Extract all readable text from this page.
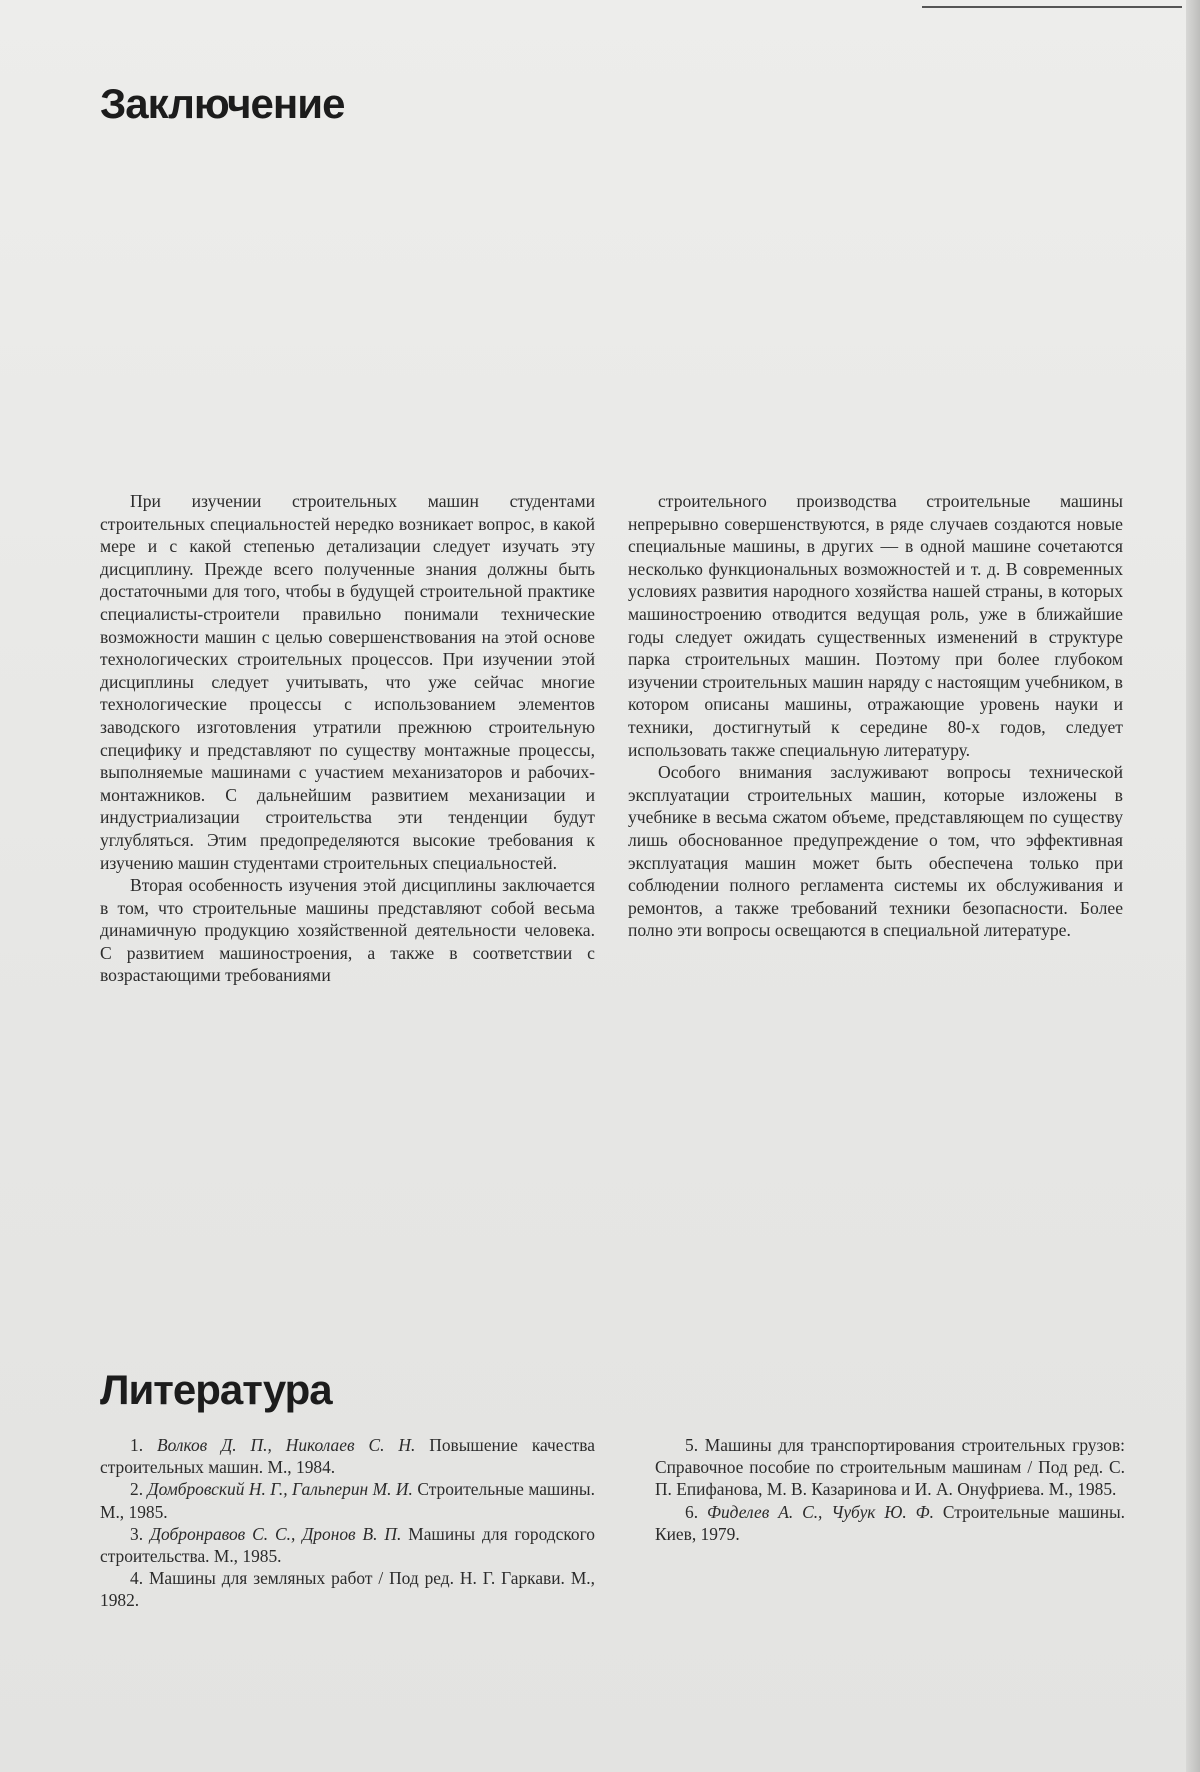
Заключение

При изучении строительных машин студентами строительных специальностей нередко возникает вопрос, в какой мере и с какой степенью детализации следует изучать эту дисциплину. Прежде всего полученные знания должны быть достаточными для того, чтобы в будущей строительной практике специалисты-строители правильно понимали технические возможности машин с целью совершенствования на этой основе технологических строительных процессов. При изучении этой дисциплины следует учитывать, что уже сейчас многие технологические процессы с использованием элементов заводского изготовления утратили прежнюю строительную специфику и представляют по существу монтажные процессы, выполняемые машинами с участием механизаторов и рабочих-монтажников. С дальнейшим развитием механизации и индустриализации строительства эти тенденции будут углубляться. Этим предопределяются высокие требования к изучению машин студентами строительных специальностей.

Вторая особенность изучения этой дисциплины заключается в том, что строительные машины представляют собой весьма динамичную продукцию хозяйственной деятельности человека. С развитием машиностроения, а также в соответствии с возрастающими требованиями

строительного производства строительные машины непрерывно совершенствуются, в ряде случаев создаются новые специальные машины, в других — в одной машине сочетаются несколько функциональных возможностей и т. д. В современных условиях развития народного хозяйства нашей страны, в которых машиностроению отводится ведущая роль, уже в ближайшие годы следует ожидать существенных изменений в структуре парка строительных машин. Поэтому при более глубоком изучении строительных машин наряду с настоящим учебником, в котором описаны машины, отражающие уровень науки и техники, достигнутый к середине 80-х годов, следует использовать также специальную литературу.

Особого внимания заслуживают вопросы технической эксплуатации строительных машин, которые изложены в учебнике в весьма сжатом объеме, представляющем по существу лишь обоснованное предупреждение о том, что эффективная эксплуатация машин может быть обеспечена только при соблюдении полного регламента системы их обслуживания и ремонтов, а также требований техники безопасности. Более полно эти вопросы освещаются в специальной литературе.

Литература

1. Волков Д. П., Николаев С. Н. Повышение качества строительных машин. М., 1984.

2. Домбровский Н. Г., Гальперин М. И. Строительные машины. М., 1985.

3. Добронравов С. С., Дронов В. П. Машины для городского строительства. М., 1985.

4. Машины для земляных работ / Под ред. Н. Г. Гаркави. М., 1982.

5. Машины для транспортирования строительных грузов: Справочное пособие по строительным машинам / Под ред. С. П. Епифанова, М. В. Казаринова и И. А. Онуфриева. М., 1985.

6. Фиделев А. С., Чубук Ю. Ф. Строительные машины. Киев, 1979.
